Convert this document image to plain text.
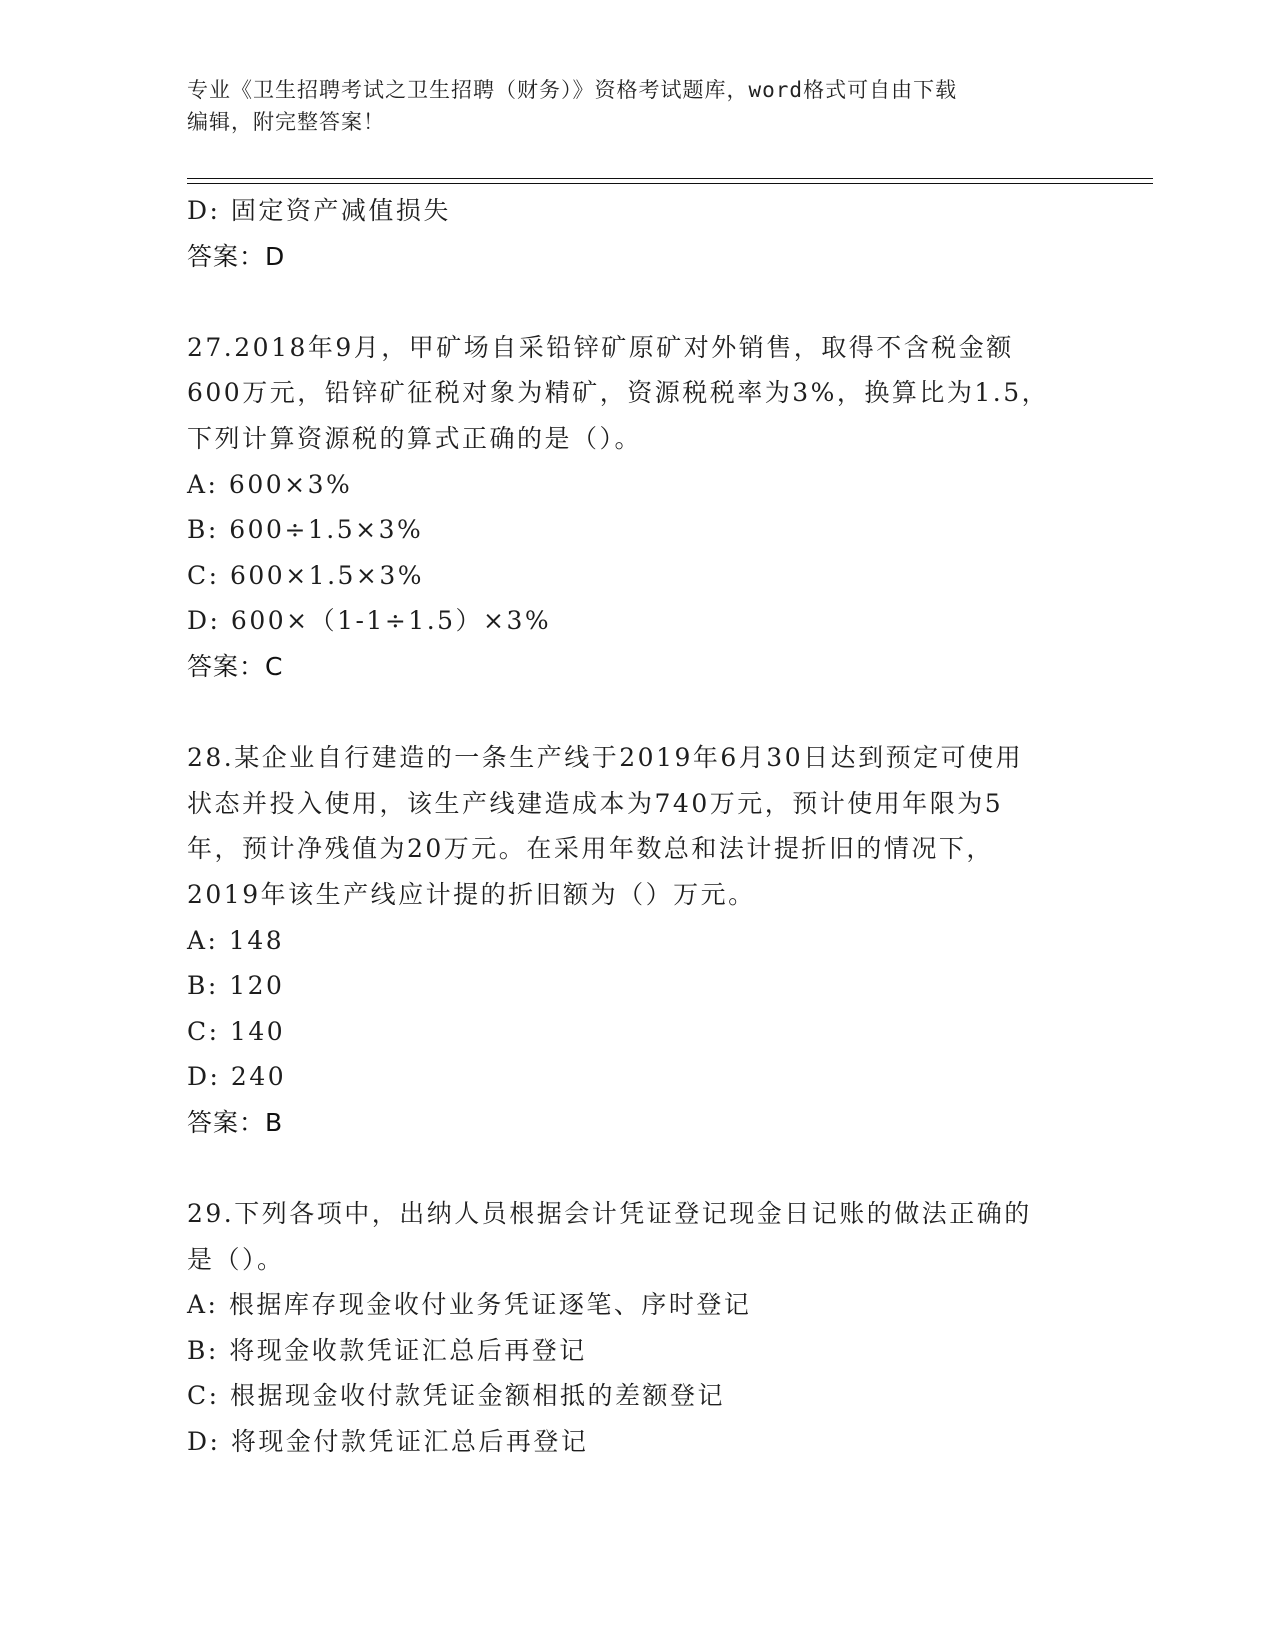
专业《卫生招聘考试之卫生招聘（财务）》资格考试题库，word格式可自由下载
编辑，附完整答案！
D: 固定资产减值损失
答案：D
27.2018年9月，甲矿场自采铅锌矿原矿对外销售，取得不含税金额
600万元，铅锌矿征税对象为精矿，资源税税率为3%，换算比为1.5，
下列计算资源税的算式正确的是（）。
A: 600×3%
B: 600÷1.5×3%
C: 600×1.5×3%
D: 600×（1-1÷1.5）×3%
答案：C
28.某企业自行建造的一条生产线于2019年6月30日达到预定可使用
状态并投入使用，该生产线建造成本为740万元，预计使用年限为5
年，预计净残值为20万元。在采用年数总和法计提折旧的情况下，
2019年该生产线应计提的折旧额为（）万元。
A: 148
B: 120
C: 140
D: 240
答案：B
29.下列各项中，出纳人员根据会计凭证登记现金日记账的做法正确的
是（）。
A: 根据库存现金收付业务凭证逐笔、序时登记
B: 将现金收款凭证汇总后再登记
C: 根据现金收付款凭证金额相抵的差额登记
D: 将现金付款凭证汇总后再登记
